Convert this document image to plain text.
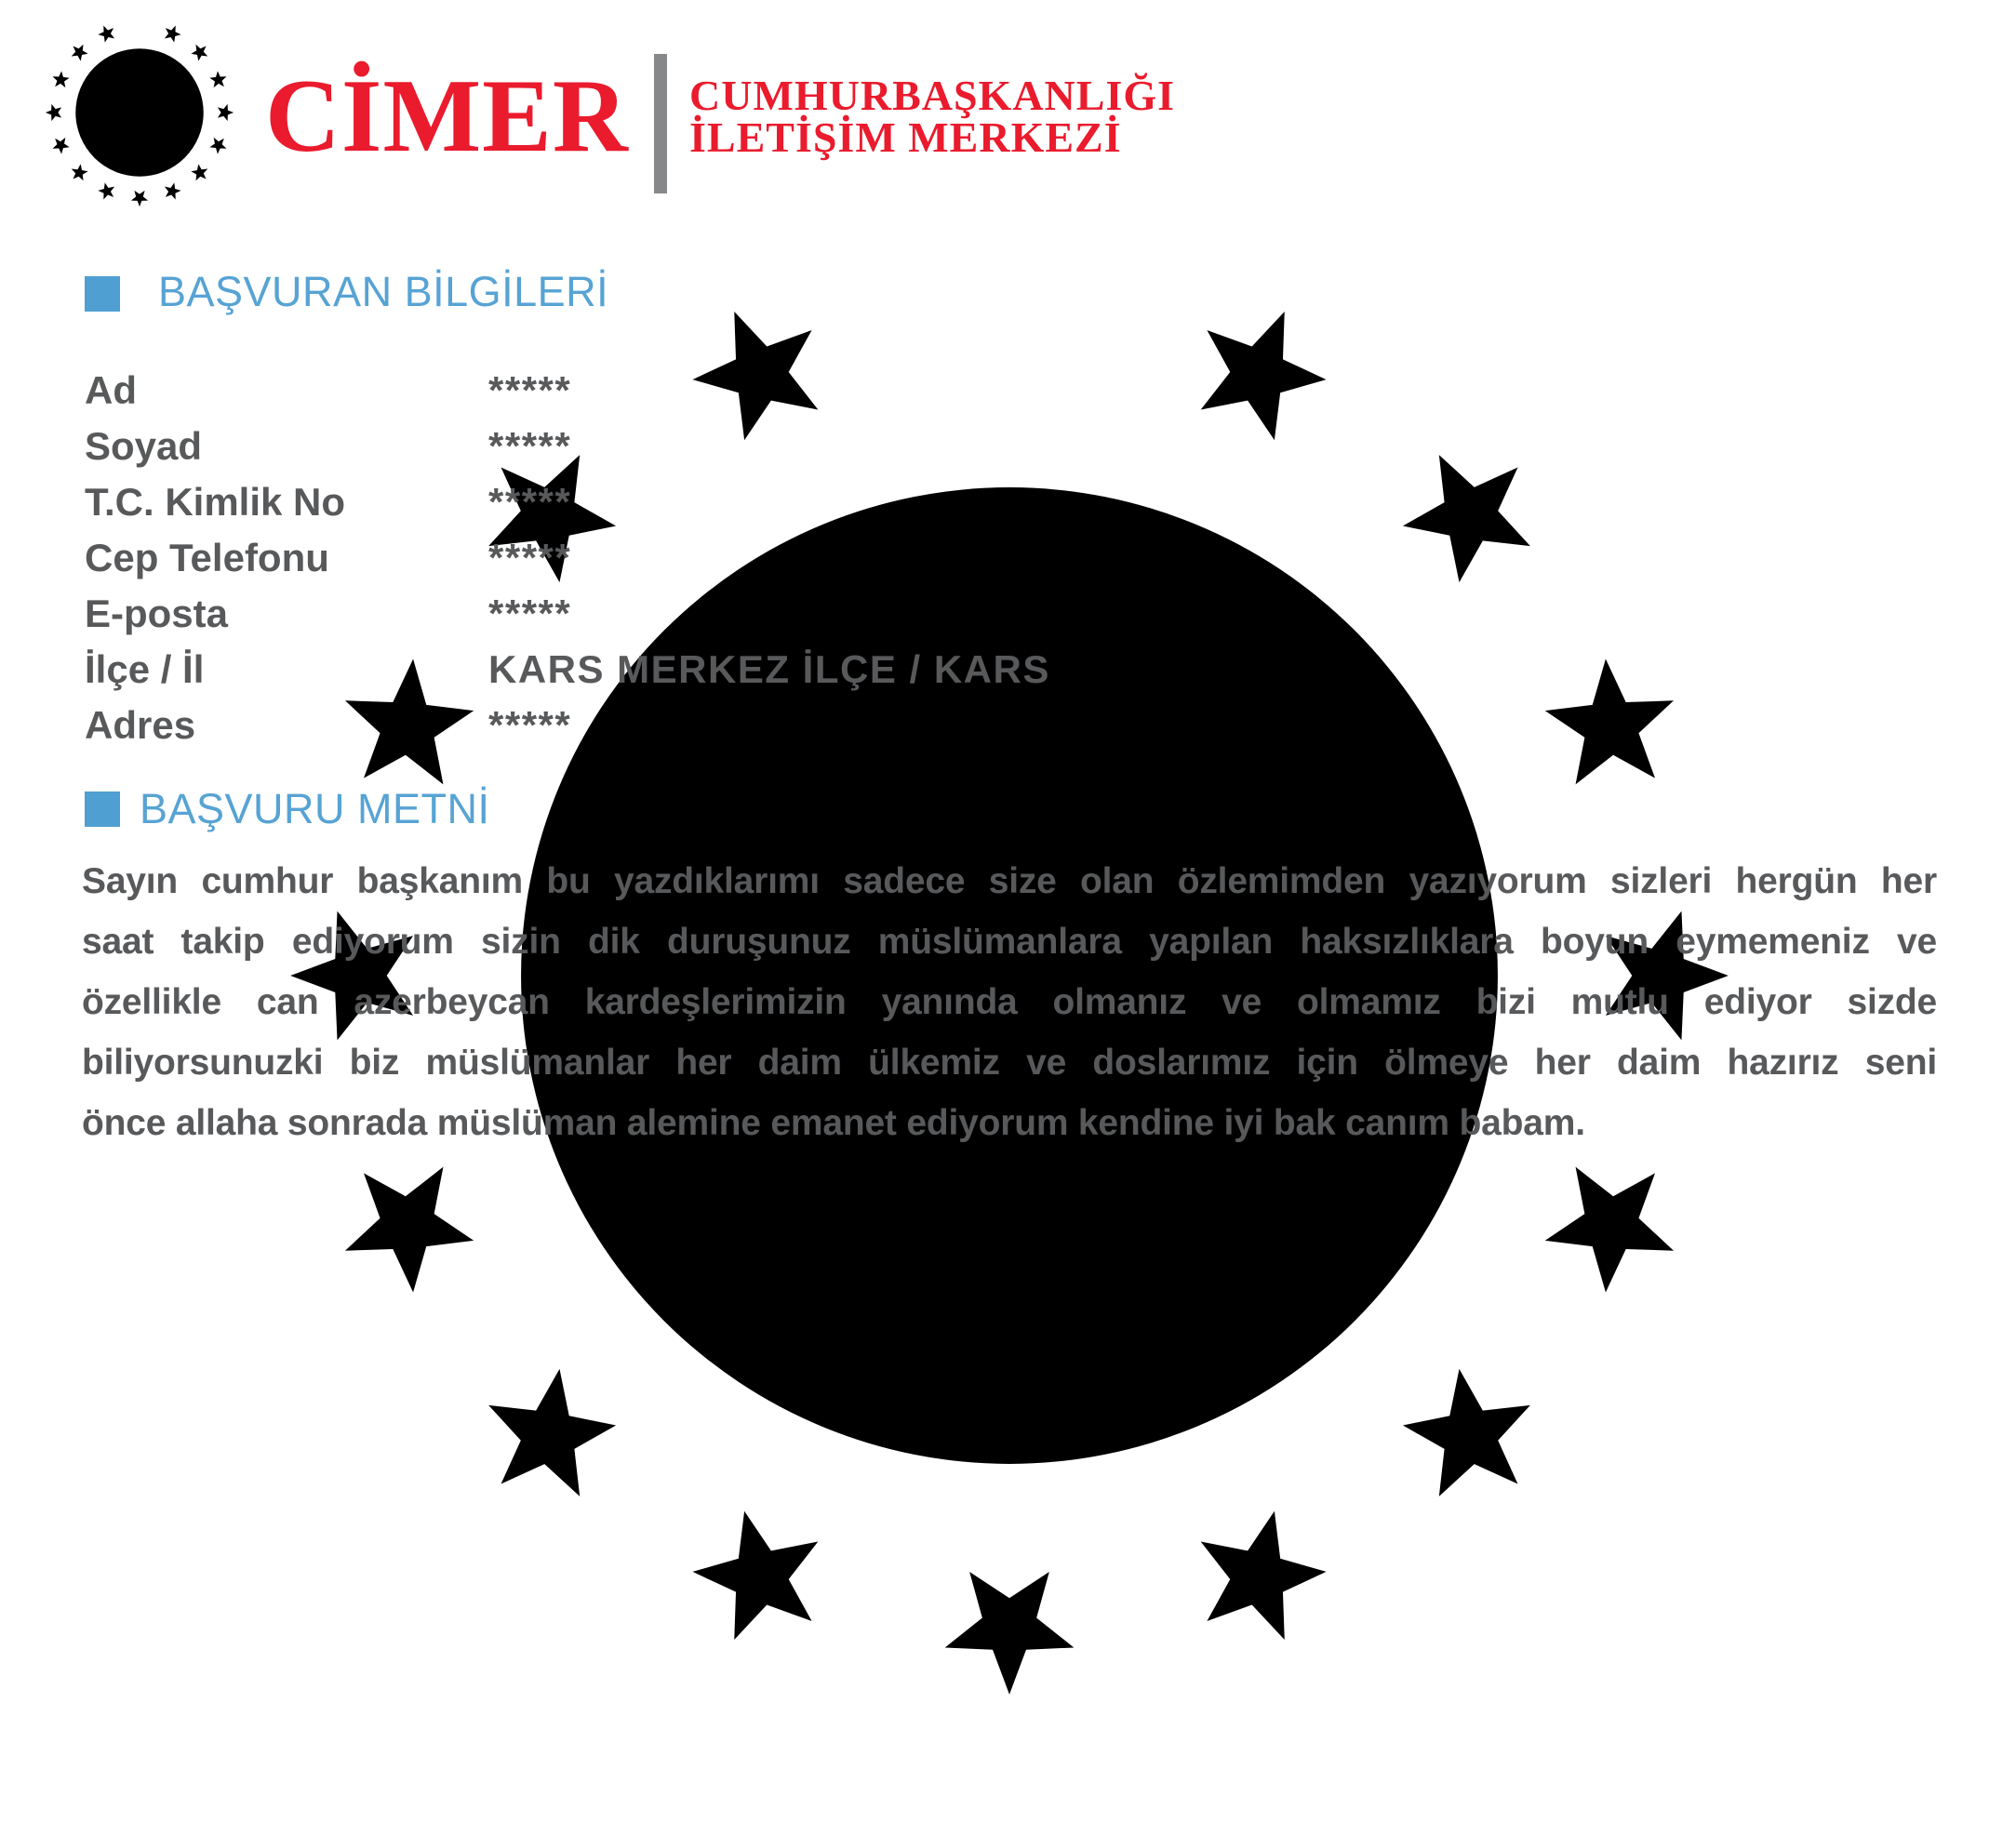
CİMER CUMHURBAŞKANLIĞI
İLETİŞİM MERKEZİ
BAŞVURAN BİLGİLERİ
Ad	*****
Soyad	*****
T.C. Kimlik No	*****
Cep Telefonu	*****
E-posta	*****
İlçe / İl	KARS MERKEZ İLÇE / KARS
Adres	*****
BAŞVURU METNİ
Sayın cumhur başkanım bu yazdıklarımı sadece size olan özlemimden yazıyorum sizleri hergün her
saat takip ediyorum sizin dik duruşunuz müslümanlara yapılan haksızlıklara boyun eymemeniz ve
özellikle can azerbeycan kardeşlerimizin yanında olmanız ve olmamız bizi mutlu ediyor sizde
biliyorsunuzki biz müslümanlar her daim ülkemiz ve doslarımız için ölmeye her daim hazırız seni
önce allaha sonrada müslüman alemine emanet ediyorum kendine iyi bak canım babam.
